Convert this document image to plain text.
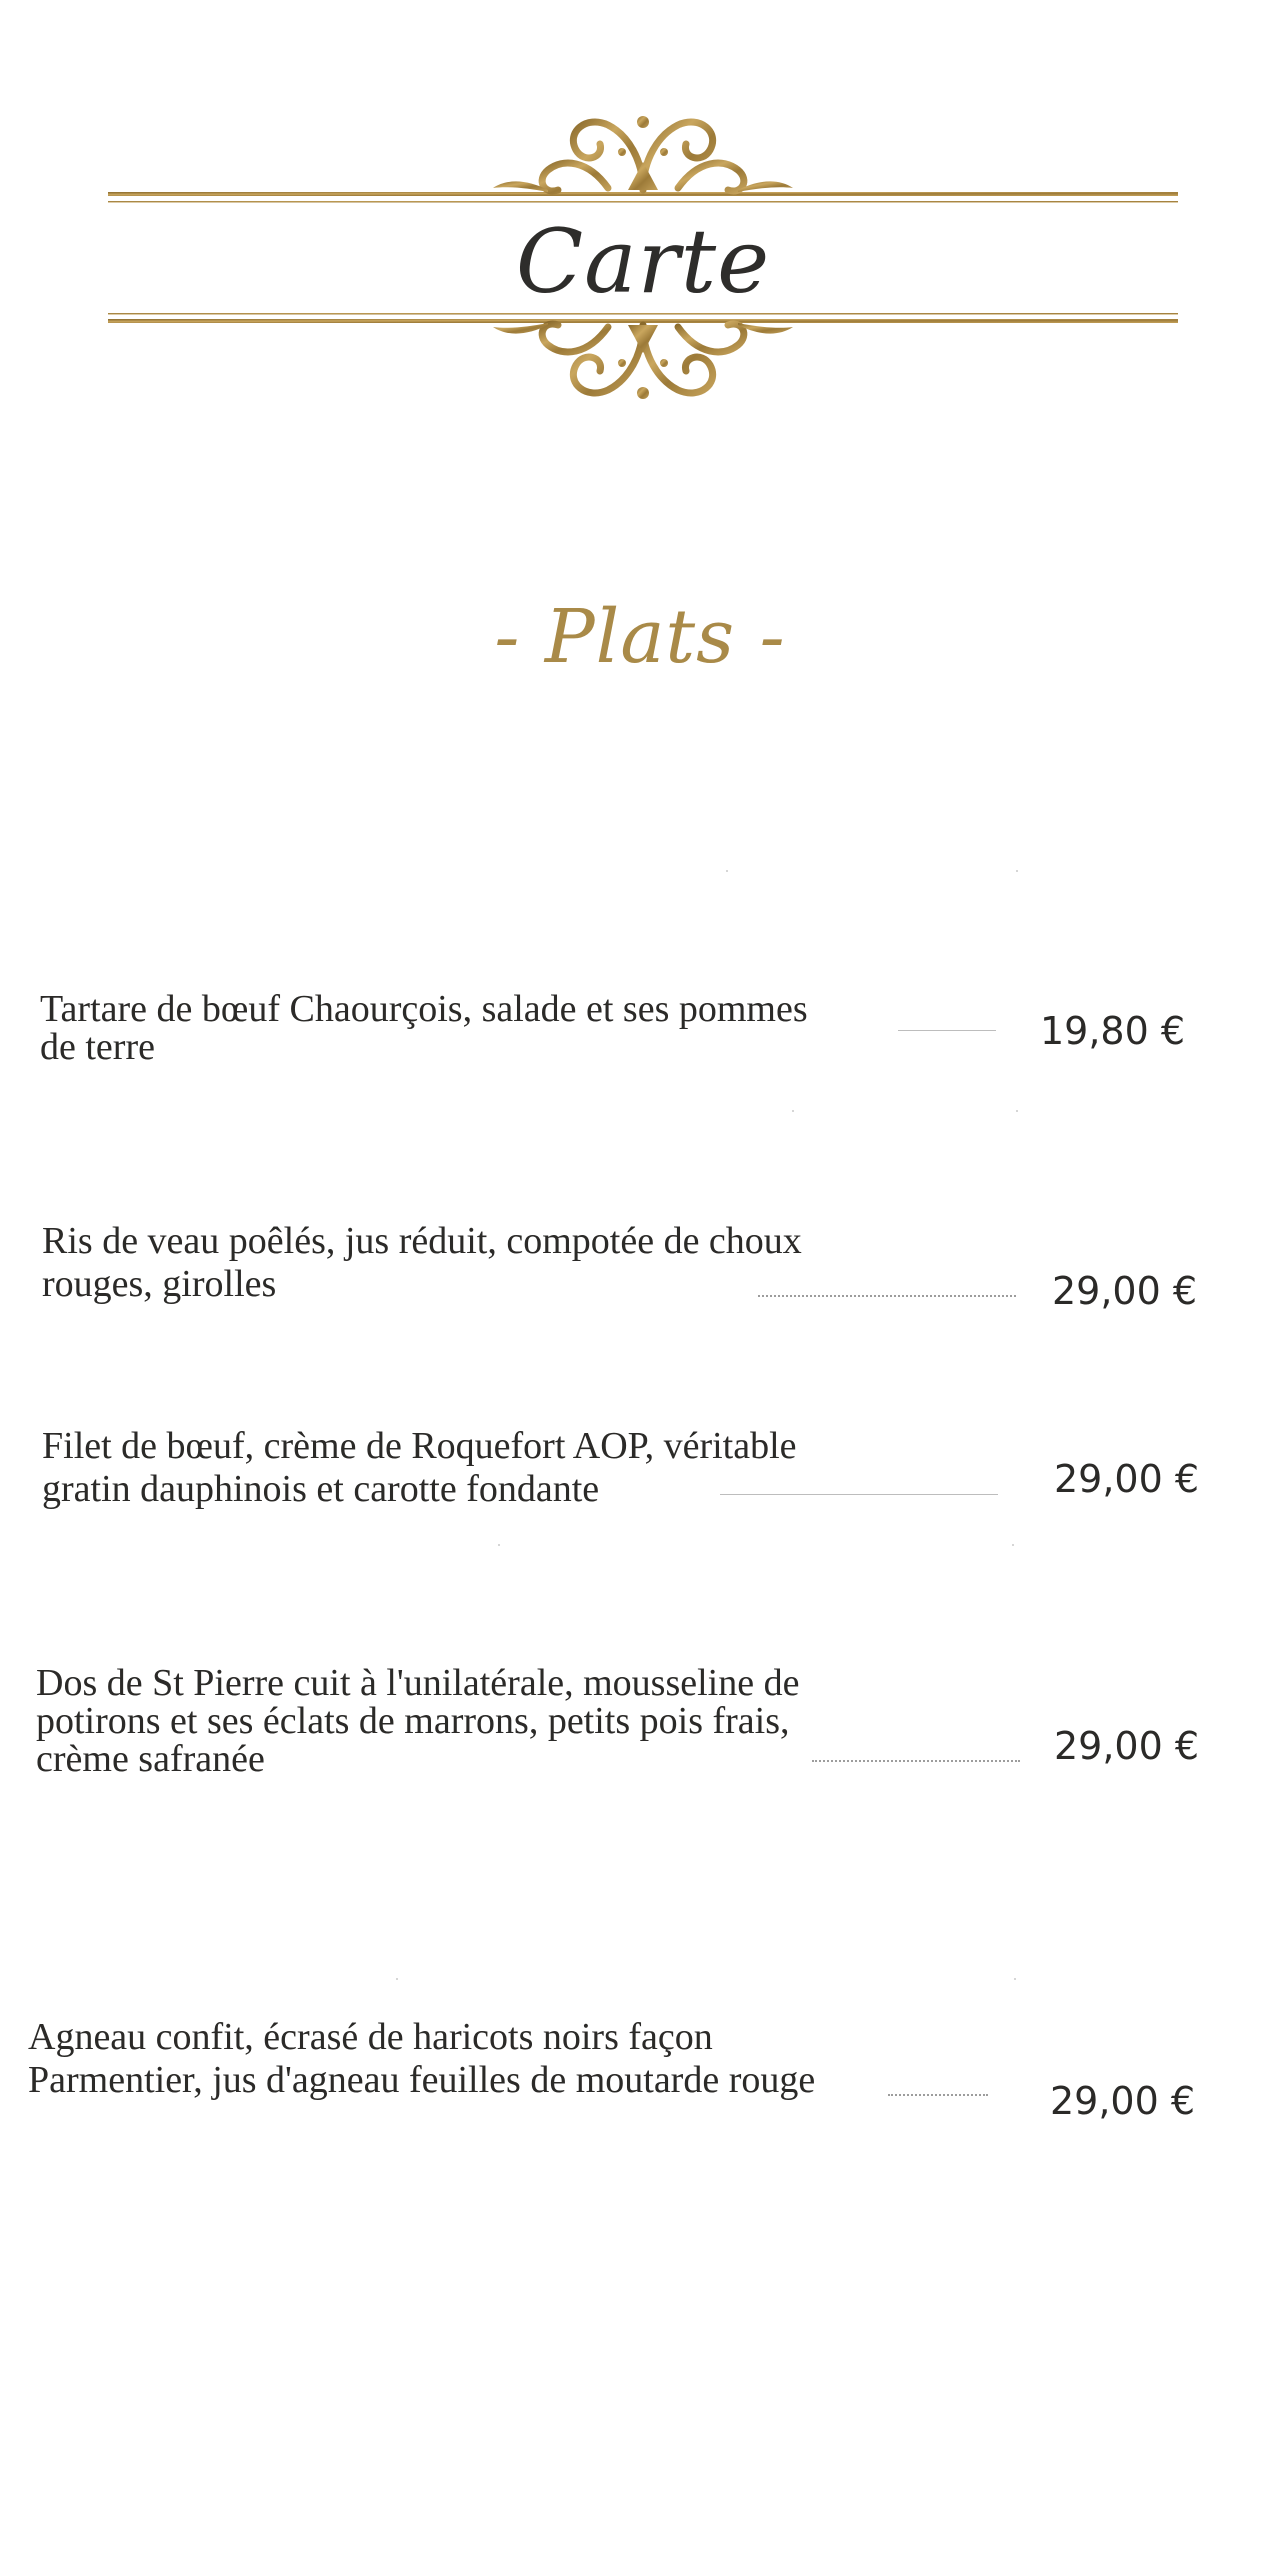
Carte
- Plats -
Tartare de bœuf Chaourçois, salade et ses pommes
de terre	19,80 €
Ris de veau poêlés, jus réduit, compotée de choux
rouges, girolles	29,00 €
Filet de bœuf, crème de Roquefort AOP, véritable
gratin dauphinois et carotte fondante	29,00 €
Dos de St Pierre cuit à l'unilatérale, mousseline de
potirons et ses éclats de marrons, petits pois frais,
crème safranée	29,00 €
Agneau confit, écrasé de haricots noirs façon
Parmentier, jus d'agneau feuilles de moutarde rouge	29,00 €
